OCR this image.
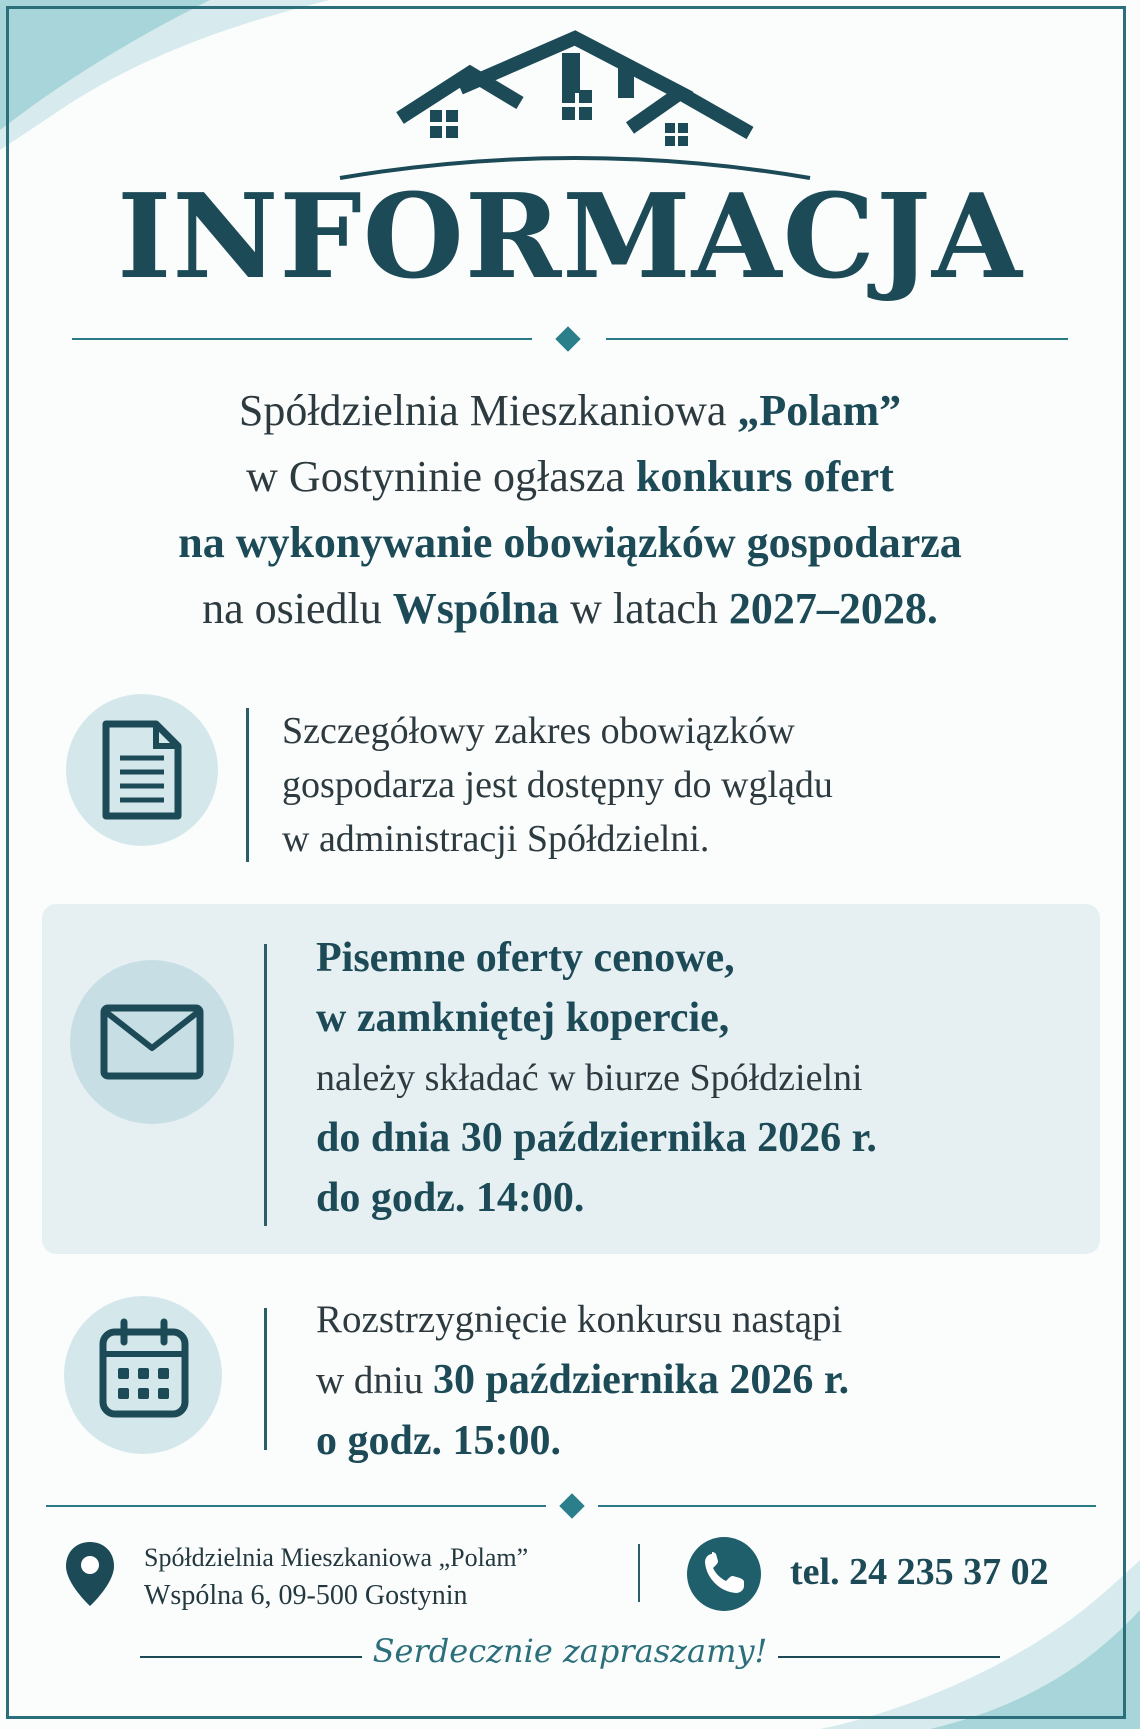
INFORMACJA
Spółdzielnia Mieszkaniowa „Polam”
w Gostyninie ogłasza konkurs ofert
na wykonywanie obowiązków gospodarza
na osiedlu Wspólna w latach 2027–2028.
Szczegółowy zakres obowiązków
gospodarza jest dostępny do wglądu
w administracji Spółdzielni.
Pisemne oferty cenowe,
w zamkniętej kopercie,
należy składać w biurze Spółdzielni
do dnia 30 października 2026 r.
do godz. 14:00.
Rozstrzygnięcie konkursu nastąpi
w dniu 30 października 2026 r.
o godz. 15:00.
Spółdzielnia Mieszkaniowa „Polam”
Wspólna 6, 09-500 Gostynin
tel. 24 235 37 02
Serdecznie zapraszamy!
